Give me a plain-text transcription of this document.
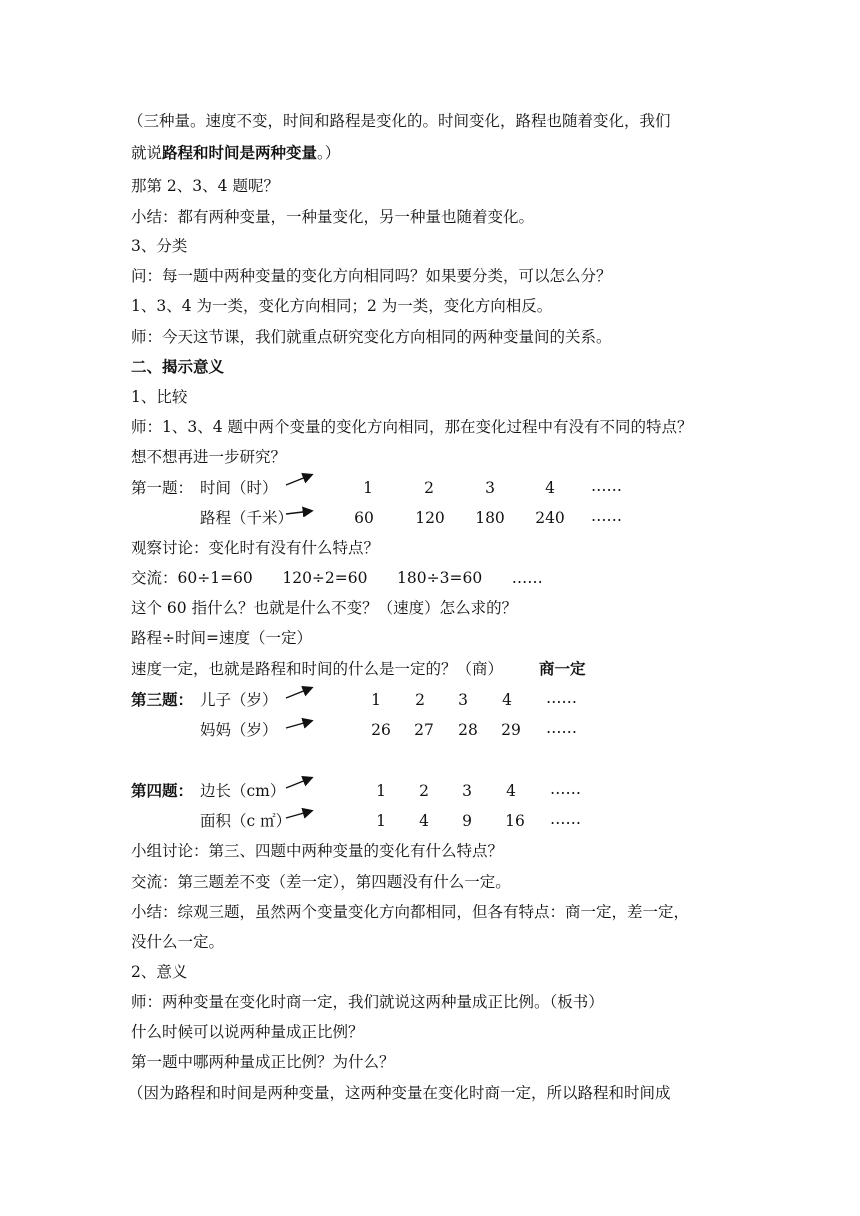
（三种量。速度不变，时间和路程是变化的。时间变化，路程也随着变化，我们
就说路程和时间是两种变量。）
那第 2、3、4 题呢？
小结：都有两种变量，一种量变化，另一种量也随着变化。
3、分类
问：每一题中两种变量的变化方向相同吗？如果要分类，可以怎么分？
1、3、4 为一类，变化方向相同；2 为一类，变化方向相反。
师：今天这节课，我们就重点研究变化方向相同的两种变量间的关系。
二、揭示意义
1、比较
师：1、3、4 题中两个变量的变化方向相同，那在变化过程中有没有不同的特点？
想不想再进一步研究？
第一题： 时间（时）	1	2	3	4	……
路程（千米）	60	120	180	240	……
观察讨论：变化时有没有什么特点？
交流：60÷1=60      120÷2=60      180÷3=60      ……
这个 60 指什么？也就是什么不变？（速度）怎么求的？
路程÷时间=速度（一定）
速度一定，也就是路程和时间的什么是一定的？（商） 商一定
第三题： 儿子（岁）	1	2	3	4	……
妈妈（岁）	26	27	28	29	……
第四题： 边长（cm）	1	2	3	4	……
面积（c ㎡）	1	4	9	16	……
小组讨论：第三、四题中两种变量的变化有什么特点？
交流：第三题差不变（差一定），第四题没有什么一定。
小结：综观三题，虽然两个变量变化方向都相同，但各有特点：商一定，差一定，
没什么一定。
2、意义
师：两种变量在变化时商一定，我们就说这两种量成正比例。（板书）
什么时候可以说两种量成正比例？
第一题中哪两种量成正比例？为什么？
（因为路程和时间是两种变量，这两种变量在变化时商一定，所以路程和时间成
